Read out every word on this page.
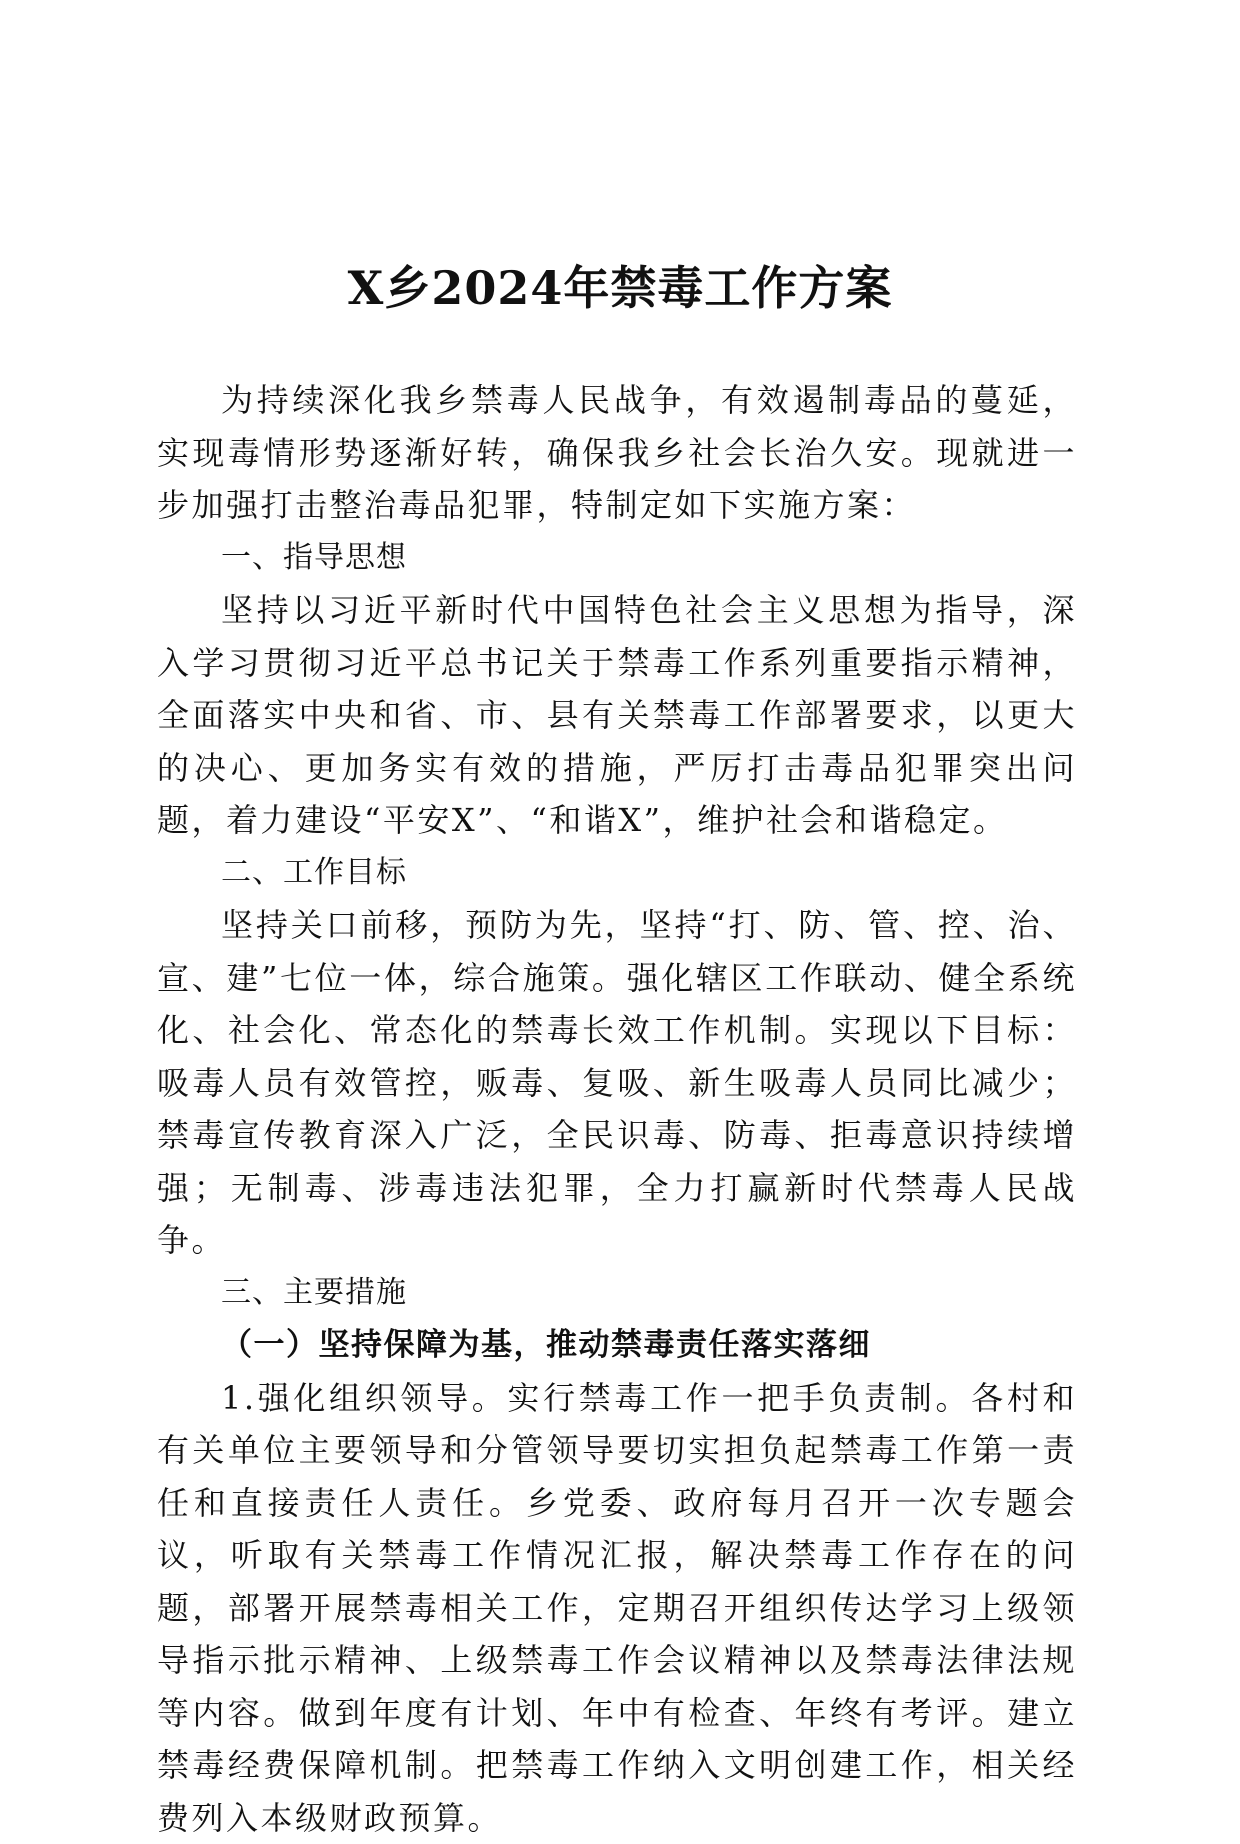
X乡2024年禁毒工作方案

为持续深化我乡禁毒人民战争，有效遏制毒品的蔓延，实现毒情形势逐渐好转，确保我乡社会长治久安。现就进一步加强打击整治毒品犯罪，特制定如下实施方案：

一、指导思想

坚持以习近平新时代中国特色社会主义思想为指导，深入学习贯彻习近平总书记关于禁毒工作系列重要指示精神，全面落实中央和省、市、县有关禁毒工作部署要求，以更大的决心、更加务实有效的措施，严厉打击毒品犯罪突出问题，着力建设“平安X”、“和谐X”，维护社会和谐稳定。

二、工作目标

坚持关口前移，预防为先，坚持“打、防、管、控、治、宣、建”七位一体，综合施策。强化辖区工作联动、健全系统化、社会化、常态化的禁毒长效工作机制。实现以下目标：吸毒人员有效管控，贩毒、复吸、新生吸毒人员同比减少；禁毒宣传教育深入广泛，全民识毒、防毒、拒毒意识持续增强；无制毒、涉毒违法犯罪，全力打赢新时代禁毒人民战争。

三、主要措施

（一）坚持保障为基，推动禁毒责任落实落细

1.强化组织领导。实行禁毒工作一把手负责制。各村和有关单位主要领导和分管领导要切实担负起禁毒工作第一责任和直接责任人责任。乡党委、政府每月召开一次专题会议，听取有关禁毒工作情况汇报，解决禁毒工作存在的问题，部署开展禁毒相关工作，定期召开组织传达学习上级领导指示批示精神、上级禁毒工作会议精神以及禁毒法律法规等内容。做到年度有计划、年中有检查、年终有考评。建立禁毒经费保障机制。把禁毒工作纳入文明创建工作，相关经费列入本级财政预算。
